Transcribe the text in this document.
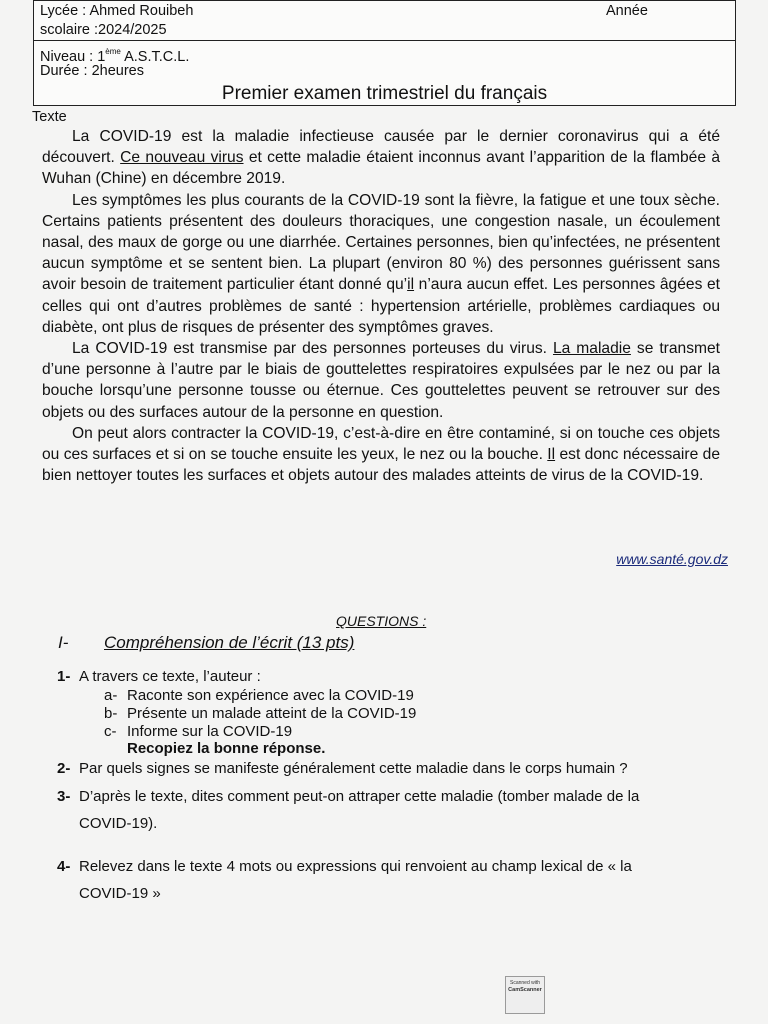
Lycée : Ahmed Rouibeh	Année
scolaire :2024/2025
Niveau : 1ème A.S.T.C.L.
Durée : 2heures
Premier examen trimestriel du français
Texte

La COVID-19 est la maladie infectieuse causée par le dernier coronavirus qui a été découvert. Ce nouveau virus et cette maladie étaient inconnus avant l’apparition de la flambée à Wuhan (Chine) en décembre 2019.

Les symptômes les plus courants de la COVID-19 sont la fièvre, la fatigue et une toux sèche. Certains patients présentent des douleurs thoraciques, une congestion nasale, un écoulement nasal, des maux de gorge ou une diarrhée. Certaines personnes, bien qu’infectées, ne présentent aucun symptôme et se sentent bien. La plupart (environ 80 %) des personnes guérissent sans avoir besoin de traitement particulier étant donné qu’il n’aura aucun effet. Les personnes âgées et celles qui ont d’autres problèmes de santé : hypertension artérielle, problèmes cardiaques ou diabète, ont plus de risques de présenter des symptômes graves.

La COVID-19 est transmise par des personnes porteuses du virus. La maladie se transmet d’une personne à l’autre par le biais de gouttelettes respiratoires expulsées par le nez ou par la bouche lorsqu’une personne tousse ou éternue. Ces gouttelettes peuvent se retrouver sur des objets ou des surfaces autour de la personne en question.

On peut alors contracter la COVID-19, c’est-à-dire en être contaminé, si on touche ces objets ou ces surfaces et si on se touche ensuite les yeux, le nez ou la bouche. Il est donc nécessaire de bien nettoyer toutes les surfaces et objets autour des malades atteints de virus de la COVID-19.

www.santé.gov.dz
QUESTIONS :
I- Compréhension de l’écrit (13 pts)
1- A travers ce texte, l’auteur :
a- Raconte son expérience avec la COVID-19
b- Présente un malade atteint de la COVID-19
c- Informe sur la COVID-19
Recopiez la bonne réponse.
2- Par quels signes se manifeste généralement cette maladie dans le corps humain ?
3- D’après le texte, dites comment peut-on attraper cette maladie (tomber malade de la
COVID-19).
4- Relevez dans le texte 4 mots ou expressions qui renvoient au champ lexical de « la
COVID-19 »
Scanned with
CamScanner
